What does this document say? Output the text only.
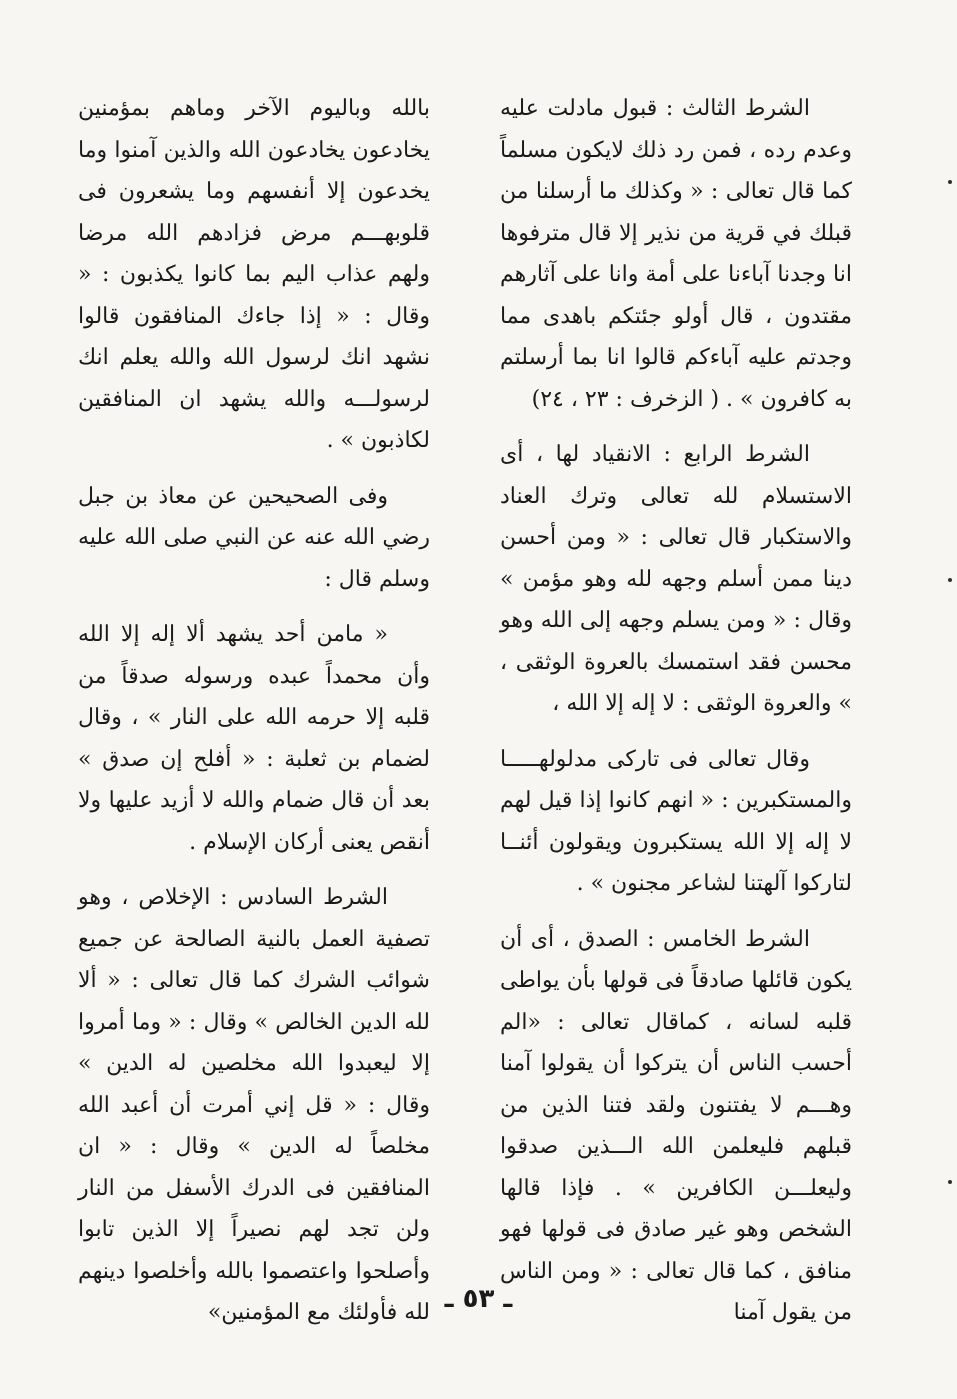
الشرط الثالث : قبول مادلت عليه وعدم رده ، فمن رد ذلك لايكون مسلماً كما قال تعالى : « وكذلك ما أرسلنا من قبلك في قرية من نذير إلا قال مترفوها انا وجدنا آباءنا على أمة وانا على آثارهم مقتدون ، قال أولو جئتكم باهدى مما وجدتم عليه آباءكم قالوا انا بما أرسلتم به كافرون » . ( الزخرف : ٢٣ ، ٢٤)

الشرط الرابع : الانقياد لها ، أى الاستسلام لله تعالى وترك العناد والاستكبار قال تعالى : « ومن أحسن دينا ممن أسلم وجهه لله وهو مؤمن » وقال : « ومن يسلم وجهه إلى الله وهو محسن فقد استمسك بالعروة الوثقى ، » والعروة الوثقى : لا إله إلا الله ،

وقال تعالى فى تاركى مدلولهـــــا والمستكبرين : « انهم كانوا إذا قيل لهم لا إله إلا الله يستكبرون ويقولون أئنــا لتاركوا آلهتنا لشاعر مجنون » .

الشرط الخامس : الصدق ، أى أن يكون قائلها صادقاً فى قولها بأن يواطى قلبه لسانه ، كماقال تعالى : «الم أحسب الناس أن يتركوا أن يقولوا آمنا وهـــم لا يفتنون ولقد فتنا الذين من قبلهم فليعلمن الله الـــذين صدقوا وليعلـــن الكافرين » . فإذا قالها الشخص وهو غير صادق فى قولها فهو منافق ، كما قال تعالى : « ومن الناس من يقول آمنا

بالله وباليوم الآخر وماهم بمؤمنين يخادعون يخادعون الله والذين آمنوا وما يخدعون إلا أنفسهم وما يشعرون فى قلوبهـــم مرض فزادهم الله مرضا ولهم عذاب اليم بما كانوا يكذبون : « وقال : « إذا جاءك المنافقون قالوا نشهد انك لرسول الله والله يعلم انك لرسولـــه والله يشهد ان المنافقين لكاذبون » .

وفى الصحيحين عن معاذ بن جبل رضي الله عنه عن النبي صلى الله عليه وسلم قال :

« مامن أحد يشهد ألا إله إلا الله وأن محمداً عبده ورسوله صدقاً من قلبه إلا حرمه الله على النار » ، وقال لضمام بن ثعلبة : « أفلح إن صدق » بعد أن قال ضمام والله لا أزيد عليها ولا أنقص يعنى أركان الإسلام .

الشرط السادس : الإخلاص ، وهو تصفية العمل بالنية الصالحة عن جميع شوائب الشرك كما قال تعالى : « ألا لله الدين الخالص » وقال : « وما أمروا إلا ليعبدوا الله مخلصين له الدين » وقال : « قل إني أمرت أن أعبد الله مخلصاً له الدين » وقال : « ان المنافقين فى الدرك الأسفل من النار ولن تجد لهم نصيراً إلا الذين تابوا وأصلحوا واعتصموا بالله وأخلصوا دينهم لله فأولئك مع المؤمنين» ـ ٥٣ ـ
